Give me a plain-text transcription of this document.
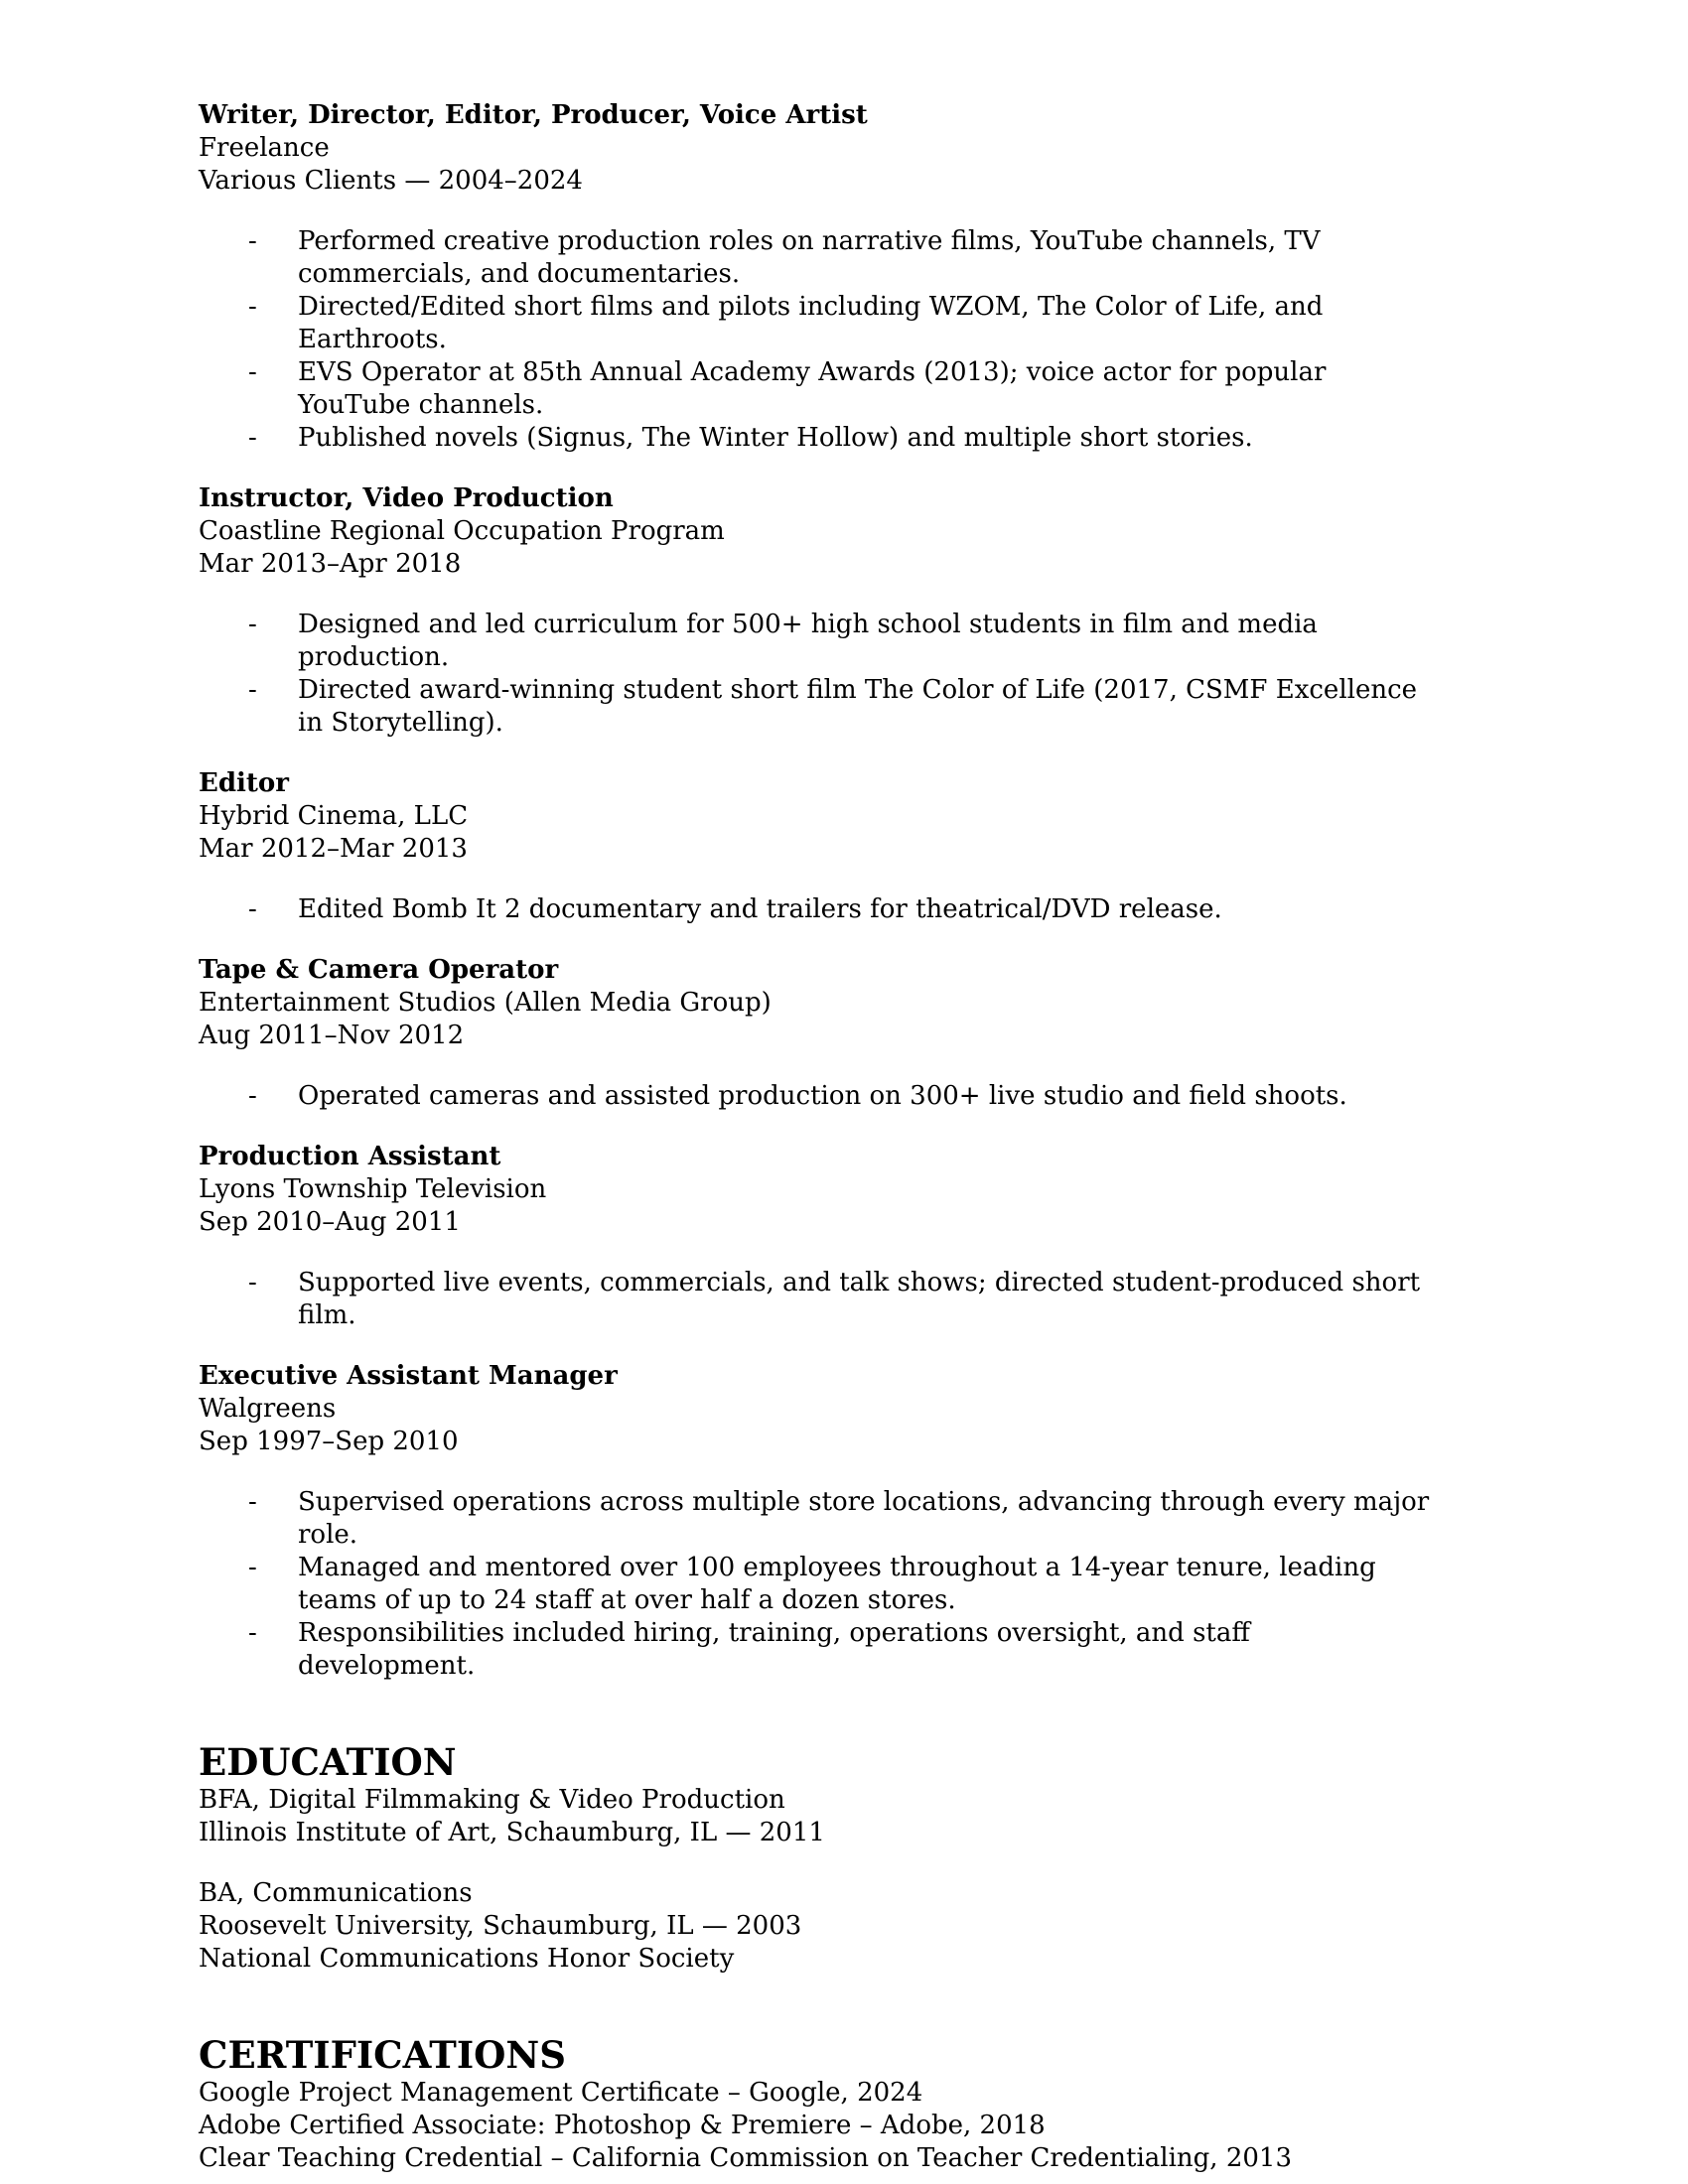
Writer, Director, Editor, Producer, Voice Artist

Freelance

Various Clients — 2004–2024

- Performed creative production roles on narrative films, YouTube channels, TV commercials, and documentaries.
- Directed/Edited short films and pilots including WZOM, The Color of Life, and Earthroots.
- EVS Operator at 85th Annual Academy Awards (2013); voice actor for popular YouTube channels.
- Published novels (Signus, The Winter Hollow) and multiple short stories.

Instructor, Video Production

Coastline Regional Occupation Program

Mar 2013–Apr 2018

- Designed and led curriculum for 500+ high school students in film and media production.
- Directed award-winning student short film The Color of Life (2017, CSMF Excellence in Storytelling).

Editor

Hybrid Cinema, LLC

Mar 2012–Mar 2013

- Edited Bomb It 2 documentary and trailers for theatrical/DVD release.

Tape & Camera Operator

Entertainment Studios (Allen Media Group)

Aug 2011–Nov 2012

- Operated cameras and assisted production on 300+ live studio and field shoots.

Production Assistant

Lyons Township Television

Sep 2010–Aug 2011

- Supported live events, commercials, and talk shows; directed student-produced short film.

Executive Assistant Manager

Walgreens

Sep 1997–Sep 2010

- Supervised operations across multiple store locations, advancing through every major role.
- Managed and mentored over 100 employees throughout a 14-year tenure, leading teams of up to 24 staff at over half a dozen stores.
- Responsibilities included hiring, training, operations oversight, and staff development.
EDUCATION

BFA, Digital Filmmaking & Video Production

Illinois Institute of Art, Schaumburg, IL — 2011

BA, Communications

Roosevelt University, Schaumburg, IL — 2003

National Communications Honor Society

CERTIFICATIONS

Google Project Management Certificate – Google, 2024

Adobe Certified Associate: Photoshop & Premiere – Adobe, 2018

Clear Teaching Credential – California Commission on Teacher Credentialing, 2013
